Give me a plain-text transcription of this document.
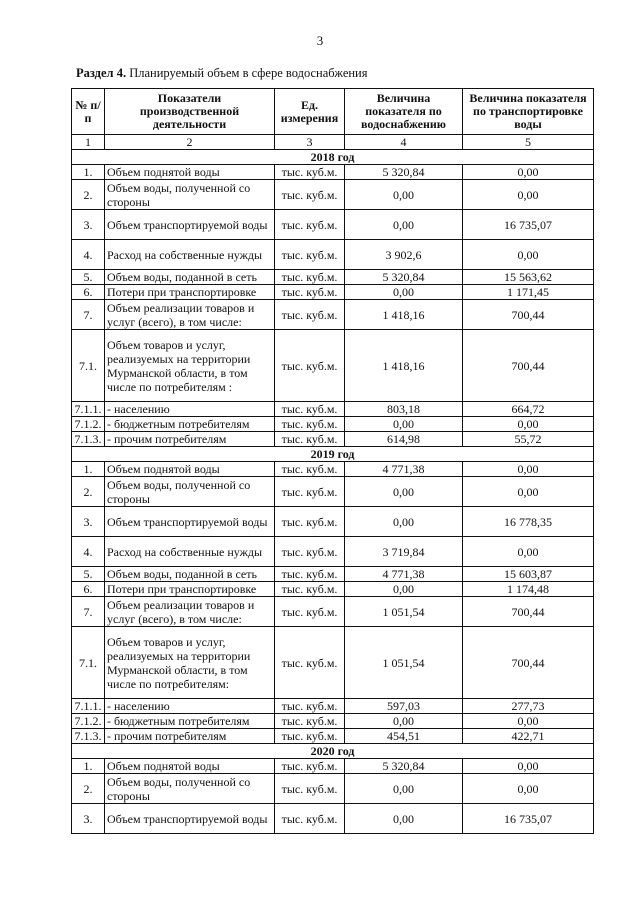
3
Раздел 4. Планируемый объем в сфере водоснабжения
№ п/п	Показатели производственной деятельности	Ед. измерения	Величина показателя по водоснабжению	Величина показателя по транспортировке воды
1	2	3	4	5
2018 год				
1.	Объем поднятой воды	тыс. куб.м.	5 320,84	0,00
2.	Объем воды, полученной со стороны	тыс. куб.м.	0,00	0,00
3.	Объем транспортируемой воды	тыс. куб.м.	0,00	16 735,07
4.	Расход на собственные нужды	тыс. куб.м.	3 902,6	0,00
5.	Объем воды, поданной в сеть	тыс. куб.м.	5 320,84	15 563,62
6.	Потери при транспортировке	тыс. куб.м.	0,00	1 171,45
7.	Объем реализации товаров и услуг (всего), в том числе:	тыс. куб.м.	1 418,16	700,44
7.1.	Объем товаров и услуг, реализуемых на территории Мурманской области, в том числе по потребителям :	тыс. куб.м.	1 418,16	700,44
7.1.1.	- населению	тыс. куб.м.	803,18	664,72
7.1.2.	- бюджетным потребителям	тыс. куб.м.	0,00	0,00
7.1.3.	- прочим потребителям	тыс. куб.м.	614,98	55,72
2019 год				
1.	Объем поднятой воды	тыс. куб.м.	4 771,38	0,00
2.	Объем воды, полученной со стороны	тыс. куб.м.	0,00	0,00
3.	Объем транспортируемой воды	тыс. куб.м.	0,00	16 778,35
4.	Расход на собственные нужды	тыс. куб.м.	3 719,84	0,00
5.	Объем воды, поданной в сеть	тыс. куб.м.	4 771,38	15 603,87
6.	Потери при транспортировке	тыс. куб.м.	0,00	1 174,48
7.	Объем реализации товаров и услуг (всего), в том числе:	тыс. куб.м.	1 051,54	700,44
7.1.	Объем товаров и услуг, реализуемых на территории Мурманской области, в том числе по потребителям:	тыс. куб.м.	1 051,54	700,44
7.1.1.	- населению	тыс. куб.м.	597,03	277,73
7.1.2.	- бюджетным потребителям	тыс. куб.м.	0,00	0,00
7.1.3.	- прочим потребителям	тыс. куб.м.	454,51	422,71
2020 год				
1.	Объем поднятой воды	тыс. куб.м.	5 320,84	0,00
2.	Объем воды, полученной со стороны	тыс. куб.м.	0,00	0,00
3.	Объем транспортируемой воды	тыс. куб.м.	0,00	16 735,07
